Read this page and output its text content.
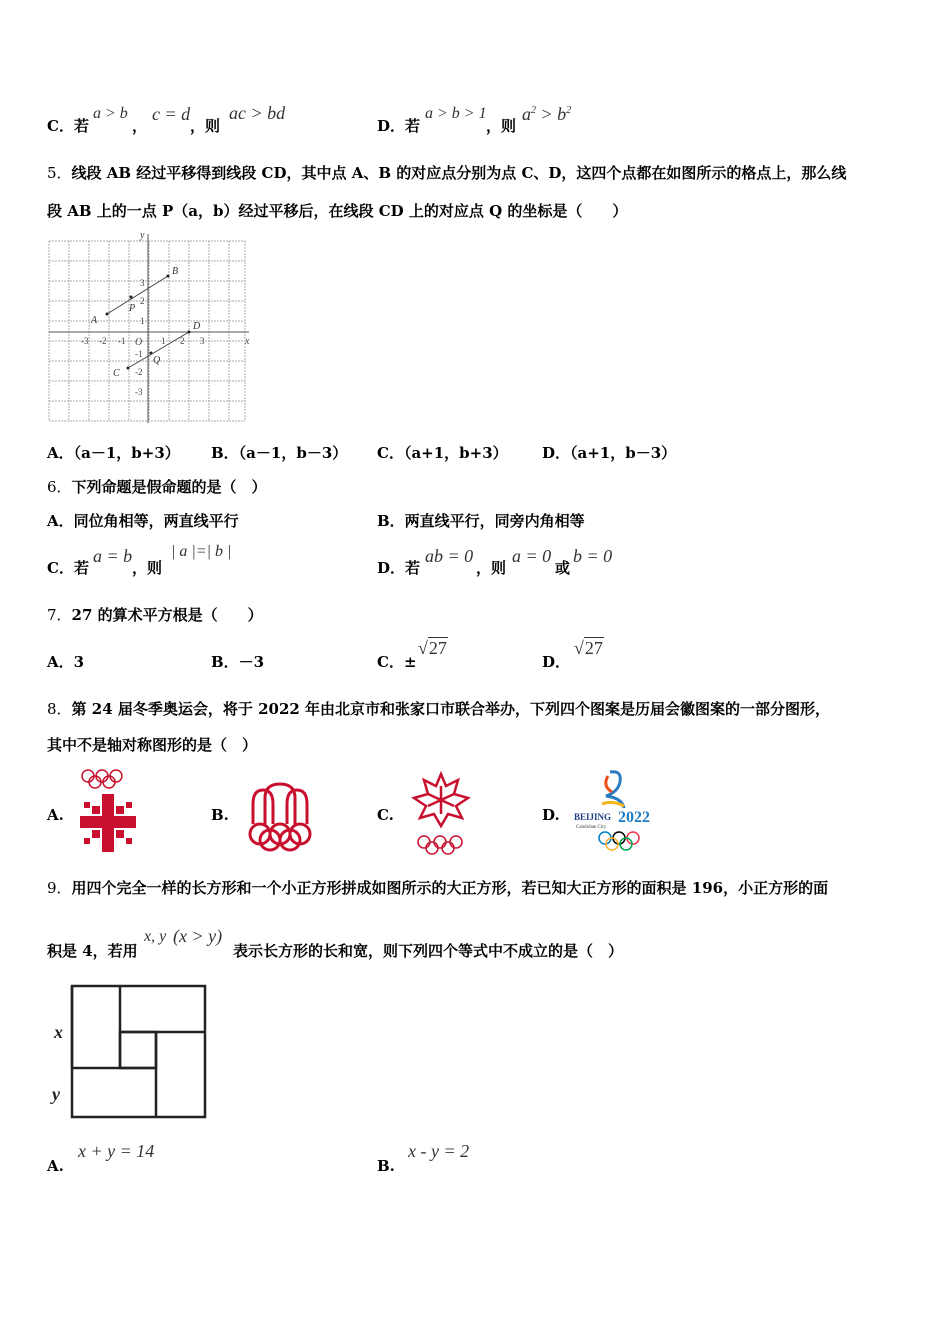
C．若
a > b
，
c = d
，则
ac > bd
D．若
a > b > 1
，则
$a^2 > b^2$
5．线段 AB 经过平移得到线段 CD，其中点 A、B 的对应点分别为点 C、D，这四个点都在如图所示的格点上，那么线
段 AB 上的一点 P（a，b）经过平移后，在线段 CD 上的对应点 Q 的坐标是（　　）
x
y
O
-3 -2 -1	1 2 3
3
2
1
-1
-2
-3
A
B
C
D
P
Q
A．（a－1，b+3） B．（a－1，b－3） C．（a+1，b+3） D．（a+1，b－3）
6．下列命题是假命题的是（　）
A．同位角相等，两直线平行	B．两直线平行，同旁内角相等
C．若
a = b
，则
| a |=| b |
D．若
ab = 0
，则
a = 0
或
b = 0
7．27 的算术平方根是（　　）
A．3	B．－3	C．±
√27
D．
√27
8．第 24 届冬季奥运会，将于 2022 年由北京市和张家口市联合举办，下列四个图案是历届会徽图案的一部分图形，
其中不是轴对称图形的是（　）
A.	B.	C.	D. BEIJING 2022
Candidate City
9．用四个完全一样的长方形和一个小正方形拼成如图所示的大正方形，若已知大正方形的面积是 196，小正方形的面
积是 4，若用
x, y (x > y)
表示长方形的长和宽，则下列四个等式中不成立的是（　）
x
y
A.
x + y = 14
B.
x - y = 2
